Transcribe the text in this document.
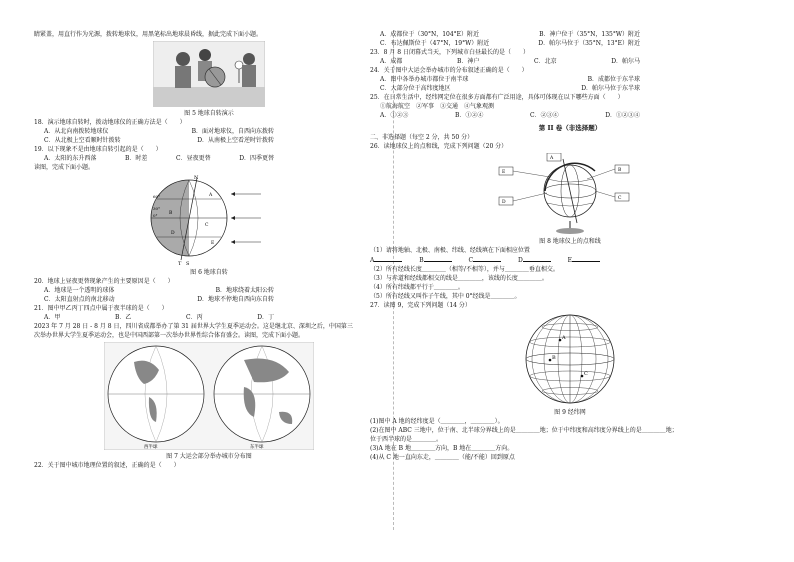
睛紧盖，用直行作为光源，拨转地球仪，用黑笔标出地球晨昏线，据此完成下面小题。
图 5 地球自转演示
18．演示地球自转时，拨动地球仪的正确方法是（　　）
A．从北向南拨转地球仪	B．面对地球仪，自西向东拨转
C．从北极上空看顺时针拨转	D．从南极上空看逆时针拨转
19．以下现象不是由地球自转引起的是（　　）
A．太阳的东升西落	B．时差	C．昼夜更替	D．四季更替
读图，完成下面小题。
N
T S
A
B
C
D
E
60°
30°
0°
图 6 地球自转
20．地球上昼夜更替现象产生的主要原因是（　　）
A．地球是一个透明的球体	B．地球绕着太阳公转
C．太阳直射点的南北移动	D．地球不停地自西向东自转
21．图中甲乙丙丁四点中属于夜半球的是（　　）
A．甲	B．乙	C．丙	D．丁
2023 年 7 月 28 日 - 8 月 8 日，四川省成都举办了第 31 届世界大学生夏季运动会。这是继北京、深圳之后，中国第三次举办世界大学生夏季运动会，也是中国西部第一次举办世界性综合体育盛会。读图，完成下面小题。
西半球	东半球
图 7 大运会部分举办城市分布图
22．关于图中城市地理位置的叙述，正确的是（　　）
A．成都位于（30°N，104°E）附近	B．神户位于（35°N，135°W）附近
C．布达佩斯位于（47°N，19°W）附近	D．帕尔马位于（35°N，13°E）附近
23．8 月 8 日闭幕式当天，下列城市白昼最长的是（　　）
A．成都	B．神户	C．北京	D．帕尔马
24．关于图中大运会举办城市的分布叙述正确的是（　　）
A．图中各举办城市都位于南半球	B．成都位于东半球
C．大部分位于高纬度地区	D．帕尔马位于东半球
25．在日常生活中，经纬网定位在很多方面都有广泛用途，具体可体现在以下哪些方面（　　）
①航海航空　②军事　③交通　④气象观测
A．①②③	B．①②④	C．②③④	D．①②③④
第 II 卷（非选择题）
二、非选择题（每空 2 分，共 50 分）
26．读地球仪上的点和线，完成下列问题（20 分）
E
D
A
B
C
图 8 地球仪上的点和线
（1）请将地轴、北极、南极、纬线、经线填在下面相应位置
A	B	C	D	E
（2）所有经线长度＿＿＿＿（相等/不相等），并与＿＿＿＿垂直相交。
（3）与赤道和经线都相交的线是＿＿＿＿，该线的长度＿＿＿＿。
（4）所有纬线都平行于＿＿＿＿。
（5）所有经线又叫作子午线，其中 0°经线是＿＿＿＿。
27．读图 9，完成下列问题（14 分）
A
B
C
图 9 经纬网
(1)图中 A 地的经纬度是（＿＿＿＿，＿＿＿＿）。
(2)在图中 ABC 三地中，位于南、北半球分界线上的是＿＿＿＿地；位于中纬度和高纬度分界线上的是＿＿＿＿地；
位于西半球的是＿＿＿＿。
(3)A 地在 B 地＿＿＿＿方向，B 地在＿＿＿＿方向。
(4)从 C 地一直向东走，＿＿＿＿（能/不能）回到原点
